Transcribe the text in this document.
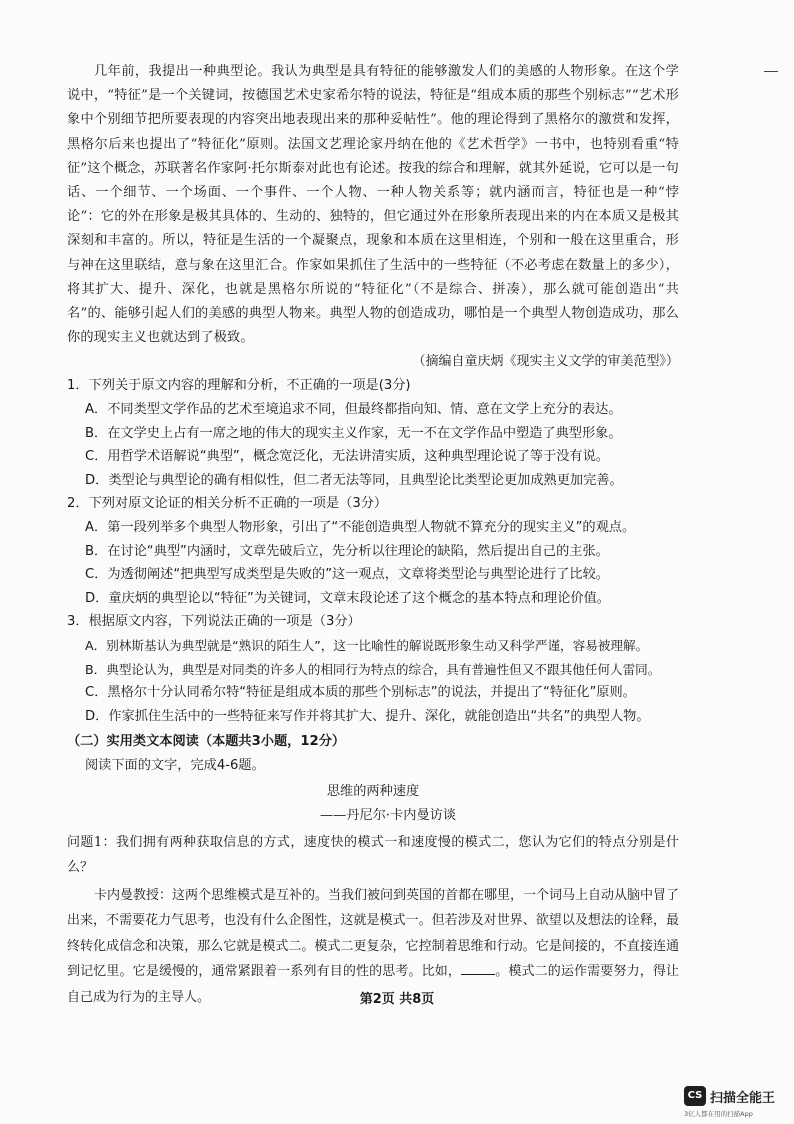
几年前，我提出一种典型论。我认为典型是具有特征的能够激发人们的美感的人物形象。在这个学说中，“特征”是一个关键词，按德国艺术史家希尔特的说法，特征是“组成本质的那些个别标志”“艺术形象中个别细节把所要表现的内容突出地表现出来的那种妥帖性”。他的理论得到了黑格尔的激赏和发挥，黑格尔后来也提出了“特征化”原则。法国文艺理论家丹纳在他的《艺术哲学》一书中，也特别看重“特征”这个概念，苏联著名作家阿·托尔斯泰对此也有论述。按我的综合和理解，就其外延说，它可以是一句话、一个细节、一个场面、一个事件、一个人物、一种人物关系等；就内涵而言，特征也是一种“悖论”：它的外在形象是极其具体的、生动的、独特的，但它通过外在形象所表现出来的内在本质又是极其深刻和丰富的。所以，特征是生活的一个凝聚点，现象和本质在这里相连，个别和一般在这里重合，形与神在这里联结，意与象在这里汇合。作家如果抓住了生活中的一些特征（不必考虑在数量上的多少），将其扩大、提升、深化，也就是黑格尔所说的“特征化”（不是综合、拼凑），那么就可能创造出“共名”的、能够引起人们的美感的典型人物来。典型人物的创造成功，哪怕是一个典型人物创造成功，那么你的现实主义也就达到了极致。

（摘编自童庆炳《现实主义文学的审美范型》）

1．下列关于原文内容的理解和分析，不正确的一项是(3分)

A．不同类型文学作品的艺术至境追求不同，但最终都指向知、情、意在文学上充分的表达。

B．在文学史上占有一席之地的伟大的现实主义作家，无一不在文学作品中塑造了典型形象。

C．用哲学术语解说“典型”，概念宽泛化，无法讲清实质，这种典型理论说了等于没有说。

D．类型论与典型论的确有相似性，但二者无法等同，且典型论比类型论更加成熟更加完善。

2．下列对原文论证的相关分析不正确的一项是（3分）

A．第一段列举多个典型人物形象，引出了“不能创造典型人物就不算充分的现实主义”的观点。

B．在讨论“典型”内涵时，文章先破后立，先分析以往理论的缺陷，然后提出自己的主张。

C．为透彻阐述“把典型写成类型是失败的”这一观点，文章将类型论与典型论进行了比较。

D．童庆炳的典型论以“特征”为关键词，文章末段论述了这个概念的基本特点和理论价值。

3．根据原文内容，下列说法正确的一项是（3分）

A．别林斯基认为典型就是“熟识的陌生人”，这一比喻性的解说既形象生动又科学严谨，容易被理解。

B．典型论认为，典型是对同类的许多人的相同行为特点的综合，具有普遍性但又不跟其他任何人雷同。

C．黑格尔十分认同希尔特“特征是组成本质的那些个别标志”的说法，并提出了“特征化”原则。

D．作家抓住生活中的一些特征来写作并将其扩大、提升、深化，就能创造出“共名”的典型人物。

（二）实用类文本阅读（本题共3小题，12分）

阅读下面的文字，完成4-6题。

思维的两种速度

——丹尼尔·卡内曼访谈

问题1：我们拥有两种获取信息的方式，速度快的模式一和速度慢的模式二，您认为它们的特点分别是什么？

卡内曼教授：这两个思维模式是互补的。当我们被问到英国的首都在哪里，一个词马上自动从脑中冒了出来，不需要花力气思考，也没有什么企图性，这就是模式一。但若涉及对世界、欲望以及想法的诠释，最终转化成信念和决策，那么它就是模式二。模式二更复杂，它控制着思维和行动。它是间接的，不直接连通到记忆里。它是缓慢的，通常紧跟着一系列有目的性的思考。比如，	。模式二的运作需要努力，得让自己成为行为的主导人。	第2页 共8页
CS 扫描全能王
3亿人都在用的扫描App
